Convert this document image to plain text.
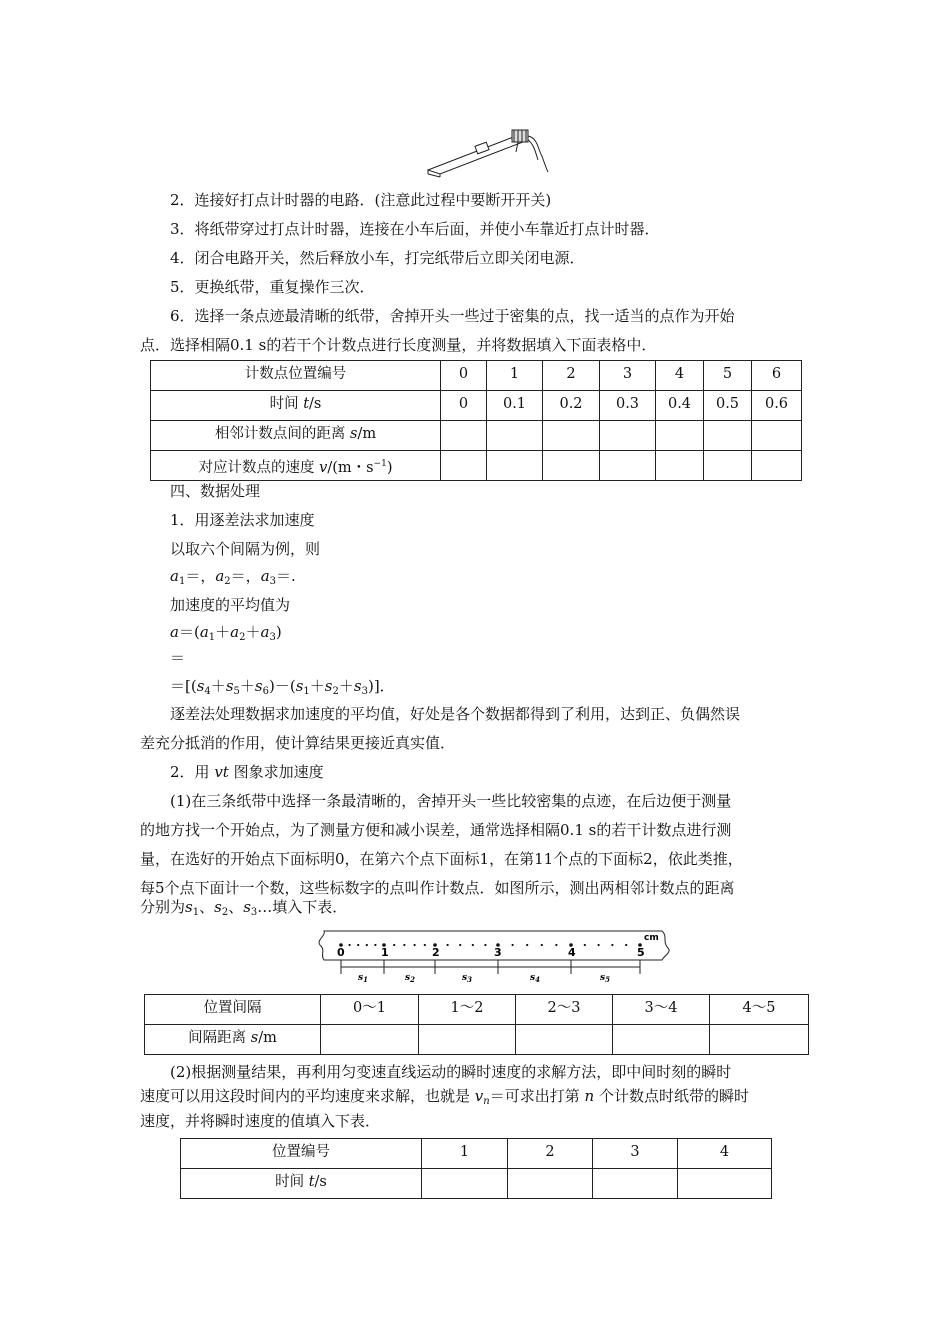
2．连接好打点计时器的电路．(注意此过程中要断开开关)
3．将纸带穿过打点计时器，连接在小车后面，并使小车靠近打点计时器．
4．闭合电路开关，然后释放小车，打完纸带后立即关闭电源．
5．更换纸带，重复操作三次．
6．选择一条点迹最清晰的纸带，舍掉开头一些过于密集的点，找一适当的点作为开始
点．选择相隔0.1 s的若干个计数点进行长度测量，并将数据填入下面表格中．
计数点位置编号	0	1	2	3	4	5	6
时间 t/s	0	0.1	0.2	0.3	0.4	0.5	0.6
相邻计数点间的距离 s/m							
对应计数点的速度 v/(m・$s^{-1}$)							
四、数据处理
1．用逐差法求加速度
以取六个间隔为例，则
$a_1=$，$a_2=$，$a_3=$.
加速度的平均值为
$a=(a_1+a_2+a_3)$
＝
$=[(s_4+s_5+s_6)-(s_1+s_2+s_3)]$．
逐差法处理数据求加速度的平均值，好处是各个数据都得到了利用，达到正、负偶然误
差充分抵消的作用，使计算结果更接近真实值．
2．用 vt 图象求加速度
(1)在三条纸带中选择一条最清晰的，舍掉开头一些比较密集的点迹，在后边便于测量
的地方找一个开始点，为了测量方便和减小误差，通常选择相隔0.1 s的若干计数点进行测
量，在选好的开始点下面标明0，在第六个点下面标1，在第11个点的下面标2，依此类推，
每5个点下面计一个数，这些标数字的点叫作计数点．如图所示，测出两相邻计数点的距离
分别为$s_1$、$s_2$、$s_3\dots$填入下表．
cm
0	1	2	3	4	5
$s_1$	$s_2$	$s_3$	$s_4$	$s_5$
位置间隔	0～1	1～2	2～3	3～4	4～5
间隔距离 s/m					
(2)根据测量结果，再利用匀变速直线运动的瞬时速度的求解方法，即中间时刻的瞬时
速度可以用这段时间内的平均速度来求解，也就是 $v_n=$可求出打第 n 个计数点时纸带的瞬时
速度，并将瞬时速度的值填入下表．
位置编号	1	2	3	4
时间 t/s				
